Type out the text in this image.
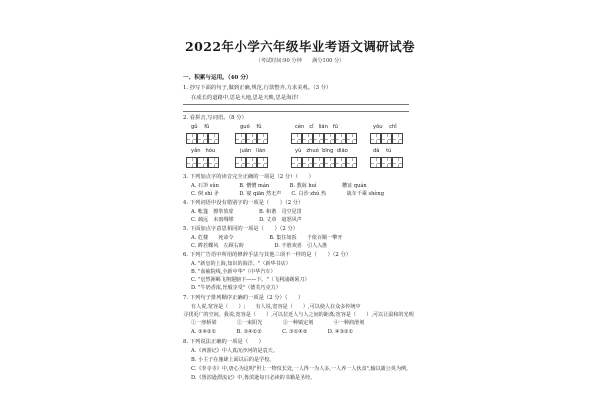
2022年小学六年级毕业考语文调研试卷
（考试时间:90 分钟　　满分100 分）
一、积累与运用。（40 分）
1. 抄写下面的句子,做到正确,规范,行款整齐,力求美观。（3 分）
在成长的道路中,思是大地,思是天映,思是海洋!
2. 看拼音,写词语。（8 分）
gǔ fǔ	guó fǔ	cén cǐ lián fú	yǒu chǐ
yǎn hóu	juān liàn	yù zhuó bīng diāo	dà tú
3. 下列加点字的读音完全正确的一项是（2 分）（　　）
A. 石笋 sǔn　　　　B. 懵懵 mán　　　　B. 教诲 huì　　　　　糟证 quán
C. 倒 shì 矛　　　　D. 窥 qiān 然无声　　C. 白沙 zhú 热　　　　战车千乘 shèng
4. 下列词语中没有错别字的一项是（　　）（2 分）
A. 帐篷　擦拳放扉　　　　　B. 和谐　司空见贯
C. 疏远　未雨绸缪　　　　　D. 丈章　毫怒风声
5. 下面加点字意思相同的一项是（　　）（2 分）
A. 危楼　　死命令　　　　　　　B. 集住如饭　　千依百顺一擎开
C. 眸若蝶风　左顾右盼　　　　　　D. 不胜欢喜　引人入胜
6. 下列广告语中所用的修辞手法与其他三项不一样的是（　　）（2 分）
A. "新皇的上海,知识的海洋。"（新华书店）
B. "血袖院线,全新中华"（中华汽车）
C. "皇然洲羁飞翔翅膀下——下。"（飞利浦剃须刀）
D. "牛奶香浓,丝般享受"（德芙巧克力）
7. 下列句子排列顺序正确的一项是（2 分）（　　）
有人说,宽容是（　　）;　　有人说,宽容是（　　）,可以使人在众多传统中
寻找更广的空间。我说,宽容是（　　）,可以拉近人与人之间的距离;宽容是（　　）,可以让温和的光明
①一座桥梁　　　　②一束阳光　　　　③一种镇定剂　　　　④一种润滑剂
A. ③④②①　　　　B. ③④①②　　　　C. ③①④②　　　　D. ④③②①
8. 下列说法正确的一项是（　　）
A.《西游记》中人真沉沙河的是袁天。
B. 小主子在施肆上面以后的是学校。
C.《李寺寺》中,唐心为这明"世上一物仅长处,一人得一为人多,一人养一人伙食",输以蒲公英为例。
D.《鲁滨逊漂流记》中,鲁滨逊每日必读的书籍是圣经。
